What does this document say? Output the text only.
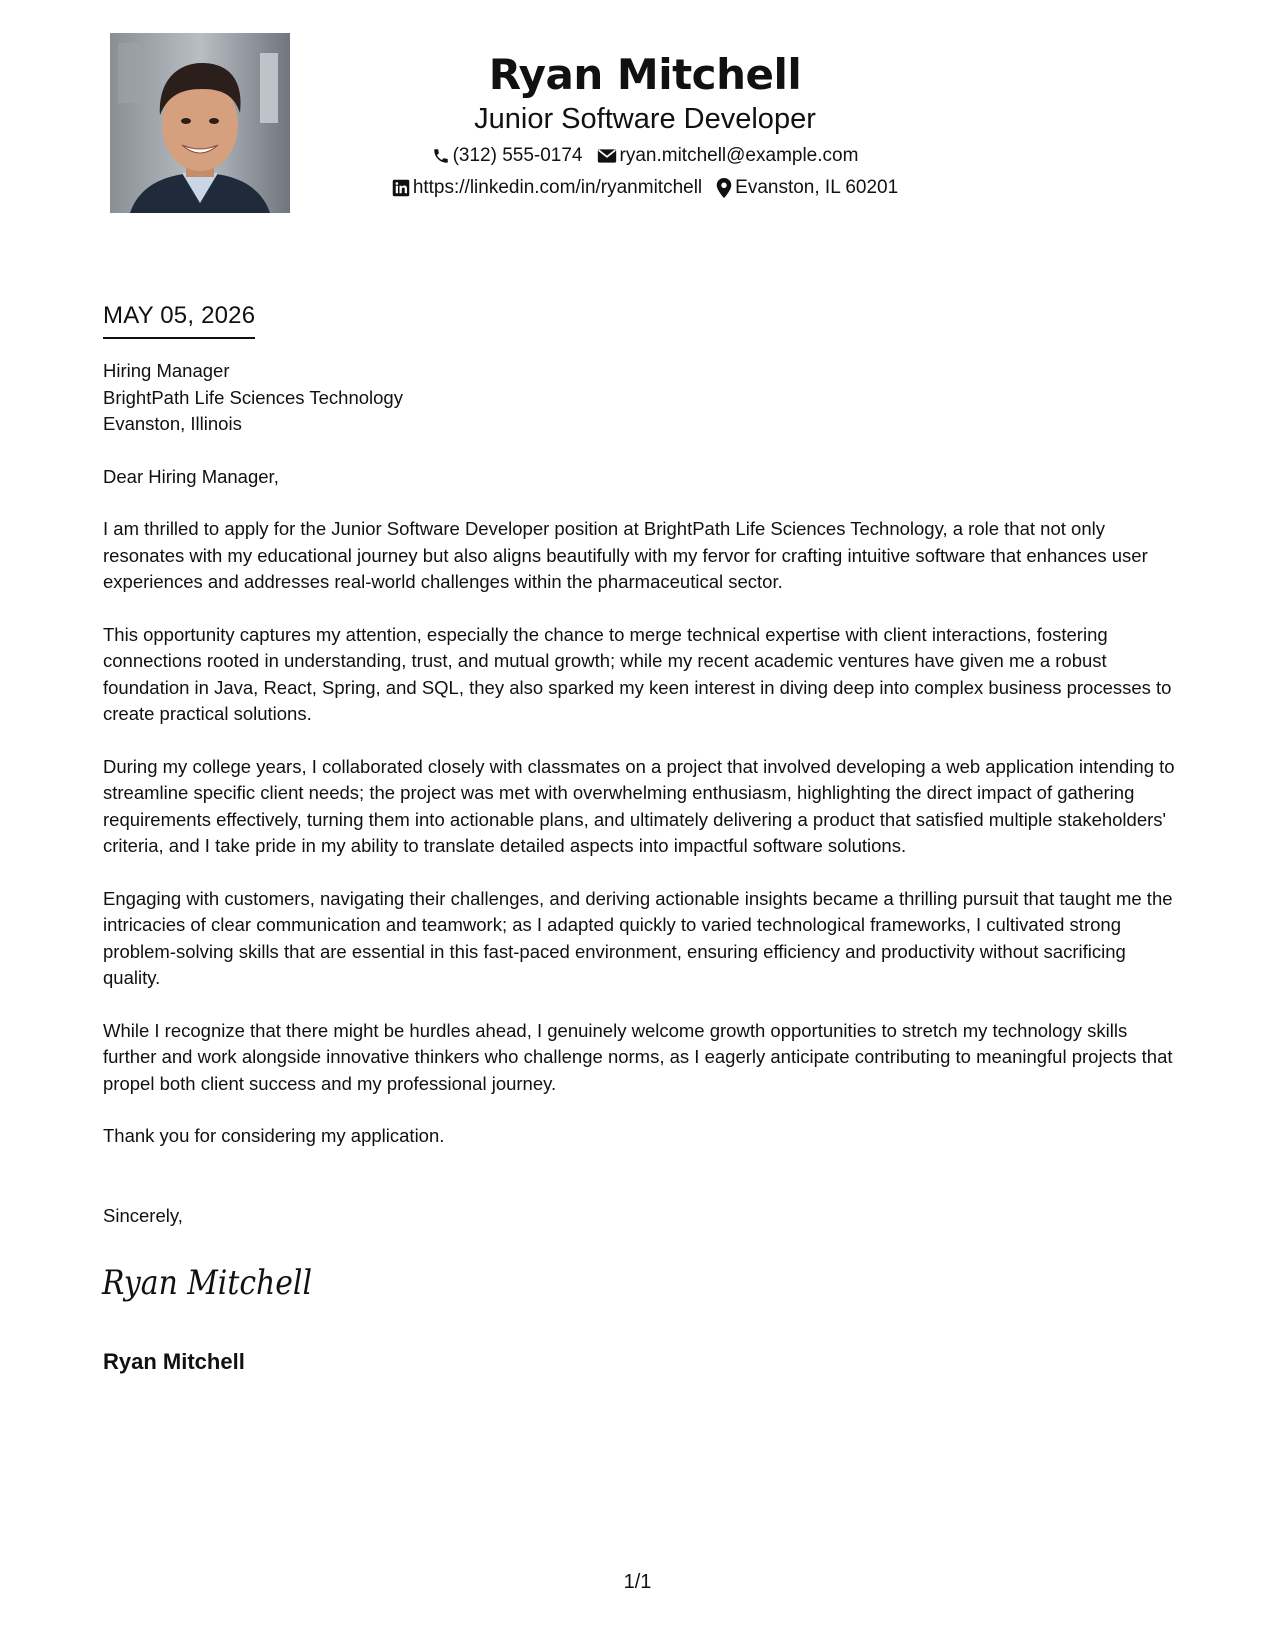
Ryan Mitchell
Junior Software Developer
(312) 555-0174 ryan.mitchell@example.com
https://linkedin.com/in/ryanmitchell Evanston, IL 60201
MAY 05, 2026
Hiring Manager
BrightPath Life Sciences Technology
Evanston, Illinois
Dear Hiring Manager,

I am thrilled to apply for the Junior Software Developer position at BrightPath Life Sciences Technology, a role that not only resonates with my educational journey but also aligns beautifully with my fervor for crafting intuitive software that enhances user experiences and addresses real-world challenges within the pharmaceutical sector.

This opportunity captures my attention, especially the chance to merge technical expertise with client interactions, fostering connections rooted in understanding, trust, and mutual growth; while my recent academic ventures have given me a robust foundation in Java, React, Spring, and SQL, they also sparked my keen interest in diving deep into complex business processes to create practical solutions.

During my college years, I collaborated closely with classmates on a project that involved developing a web application intending to streamline specific client needs; the project was met with overwhelming enthusiasm, highlighting the direct impact of gathering requirements effectively, turning them into actionable plans, and ultimately delivering a product that satisfied multiple stakeholders' criteria, and I take pride in my ability to translate detailed aspects into impactful software solutions.

Engaging with customers, navigating their challenges, and deriving actionable insights became a thrilling pursuit that taught me the intricacies of clear communication and teamwork; as I adapted quickly to varied technological frameworks, I cultivated strong problem-solving skills that are essential in this fast-paced environment, ensuring efficiency and productivity without sacrificing quality.

While I recognize that there might be hurdles ahead, I genuinely welcome growth opportunities to stretch my technology skills further and work alongside innovative thinkers who challenge norms, as I eagerly anticipate contributing to meaningful projects that propel both client success and my professional journey.

Thank you for considering my application.

Sincerely,
Ryan Mitchell
Ryan Mitchell
1/1
